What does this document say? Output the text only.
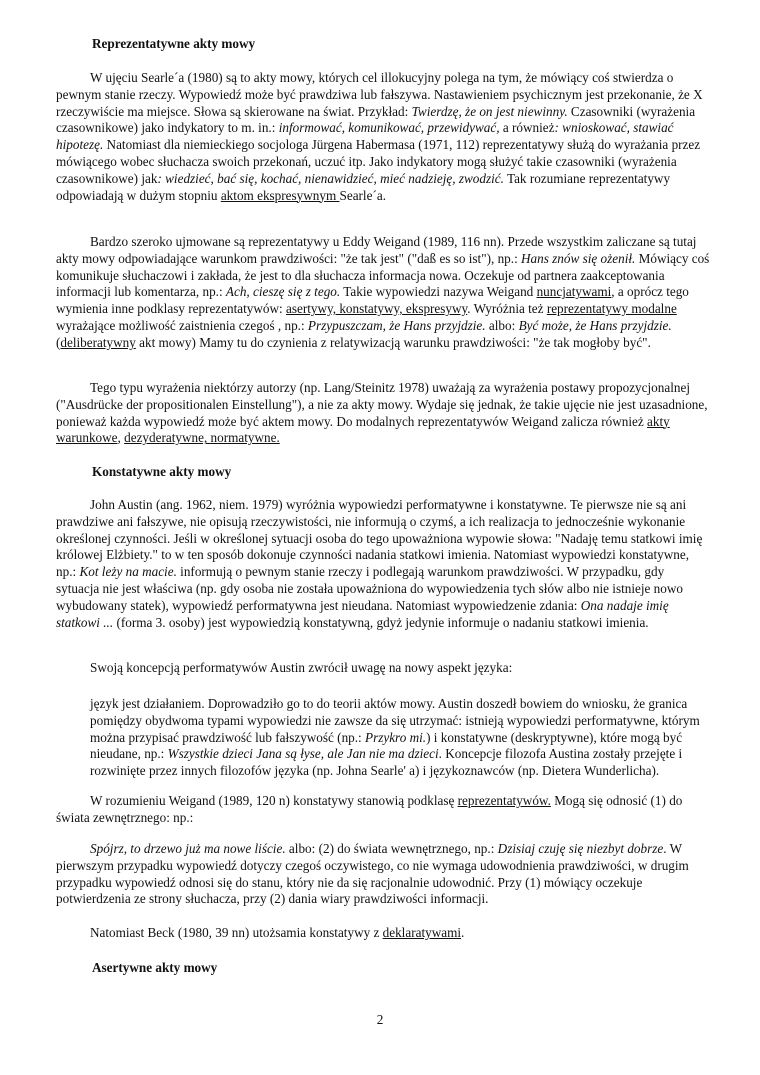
Reprezentatywne akty mowy

W ujęciu Searle´a (1980) są to akty mowy, których cel illokucyjny polega na tym, że mówiący coś stwierdza o pewnym stanie rzeczy. Wypowiedź może być prawdziwa lub fałszywa. Nastawieniem psychicznym jest przekonanie, że X rzeczywiście ma miejsce. Słowa są skierowane na świat. Przykład: Twierdzę, że on jest niewinny. Czasowniki (wyrażenia czasownikowe) jako indykatory to m. in.: informować, komunikować, przewidywać, a również: wnioskować, stawiać hipotezę. Natomiast dla niemieckiego socjologa Jürgena Habermasa (1971, 112) reprezentatywy służą do wyrażania przez mówiącego wobec słuchacza swoich przekonań, uczuć itp. Jako indykatory mogą służyć takie czasowniki (wyrażenia czasownikowe) jak: wiedzieć, bać się, kochać, nienawidzieć, mieć nadzieję, zwodzić. Tak rozumiane reprezentatywy odpowiadają w dużym stopniu aktom ekspresywnym Searle´a.

Bardzo szeroko ujmowane są reprezentatywy u Eddy Weigand (1989, 116 nn). Przede wszystkim zaliczane są tutaj akty mowy odpowiadające warunkom prawdziwości: "że tak jest" ("daß es so ist"), np.: Hans znów się ożenił. Mówiący coś komunikuje słuchaczowi i zakłada, że jest to dla słuchacza informacja nowa. Oczekuje od partnera zaakceptowania informacji lub komentarza, np.: Ach, cieszę się z tego. Takie wypowiedzi nazywa Weigand nuncjatywami, a oprócz tego wymienia inne podklasy reprezentatywów: asertywy, konstatywy, ekspresywy. Wyróżnia też reprezentatywy modalne wyrażające możliwość zaistnienia czegoś , np.: Przypuszczam, że Hans przyjdzie. albo: Być może, że Hans przyjdzie. (deliberatywny akt mowy) Mamy tu do czynienia z relatywizacją warunku prawdziwości: "że tak mogłoby być".

Tego typu wyrażenia niektórzy autorzy (np. Lang/Steinitz 1978) uważają za wyrażenia postawy propozycjonalnej ("Ausdrücke der propositionalen Einstellung"), a nie za akty mowy. Wydaje się jednak, że takie ujęcie nie jest uzasadnione, ponieważ każda wypowiedź może być aktem mowy. Do modalnych reprezentatywów Weigand zalicza również akty warunkowe, dezyderatywne, normatywne.

Konstatywne akty mowy

John Austin (ang. 1962, niem. 1979) wyróżnia wypowiedzi performatywne i konstatywne. Te pierwsze nie są ani prawdziwe ani fałszywe, nie opisują rzeczywistości, nie informują o czymś, a ich realizacja to jednocześnie wykonanie określonej czynności. Jeśli w określonej sytuacji osoba do tego upoważniona wypowie słowa: "Nadaję temu statkowi imię królowej Elżbiety." to w ten sposób dokonuje czynności nadania statkowi imienia. Natomiast wypowiedzi konstatywne, np.: Kot leży na macie. informują o pewnym stanie rzeczy i podlegają warunkom prawdziwości. W przypadku, gdy sytuacja nie jest właściwa (np. gdy osoba nie została upoważniona do wypowiedzenia tych słów albo nie istnieje nowo wybudowany statek), wypowiedź performatywna jest nieudana. Natomiast wypowiedzenie zdania: Ona nadaje imię statkowi ... (forma 3. osoby) jest wypowiedzią konstatywną, gdyż jedynie informuje o nadaniu statkowi imienia.

Swoją koncepcją performatywów Austin zwrócił uwagę na nowy aspekt języka:

język jest działaniem. Doprowadziło go to do teorii aktów mowy. Austin doszedł bowiem do wniosku, że granica pomiędzy obydwoma typami wypowiedzi nie zawsze da się utrzymać: istnieją wypowiedzi performatywne, którym można przypisać prawdziwość lub fałszywość (np.: Przykro mi.) i konstatywne (deskryptywne), które mogą być nieudane, np.: Wszystkie dzieci Jana są łyse, ale Jan nie ma dzieci. Koncepcje filozofa Austina zostały przejęte i rozwinięte przez innych filozofów języka (np. Johna Searle' a) i językoznawców (np. Dietera Wunderlicha).

W rozumieniu Weigand (1989, 120 n) konstatywy stanowią podklasę reprezentatywów. Mogą się odnosić (1) do świata zewnętrznego: np.:

Spójrz, to drzewo już ma nowe liście. albo: (2) do świata wewnętrznego, np.: Dzisiaj czuję się niezbyt dobrze. W pierwszym przypadku wypowiedź dotyczy czegoś oczywistego, co nie wymaga udowodnienia prawdziwości, w drugim przypadku wypowiedź odnosi się do stanu, który nie da się racjonalnie udowodnić. Przy (1) mówiący oczekuje potwierdzenia ze strony słuchacza, przy (2) dania wiary prawdziwości informacji.

Natomiast Beck (1980, 39 nn) utożsamia konstatywy z deklaratywami.

Asertywne akty mowy

2
